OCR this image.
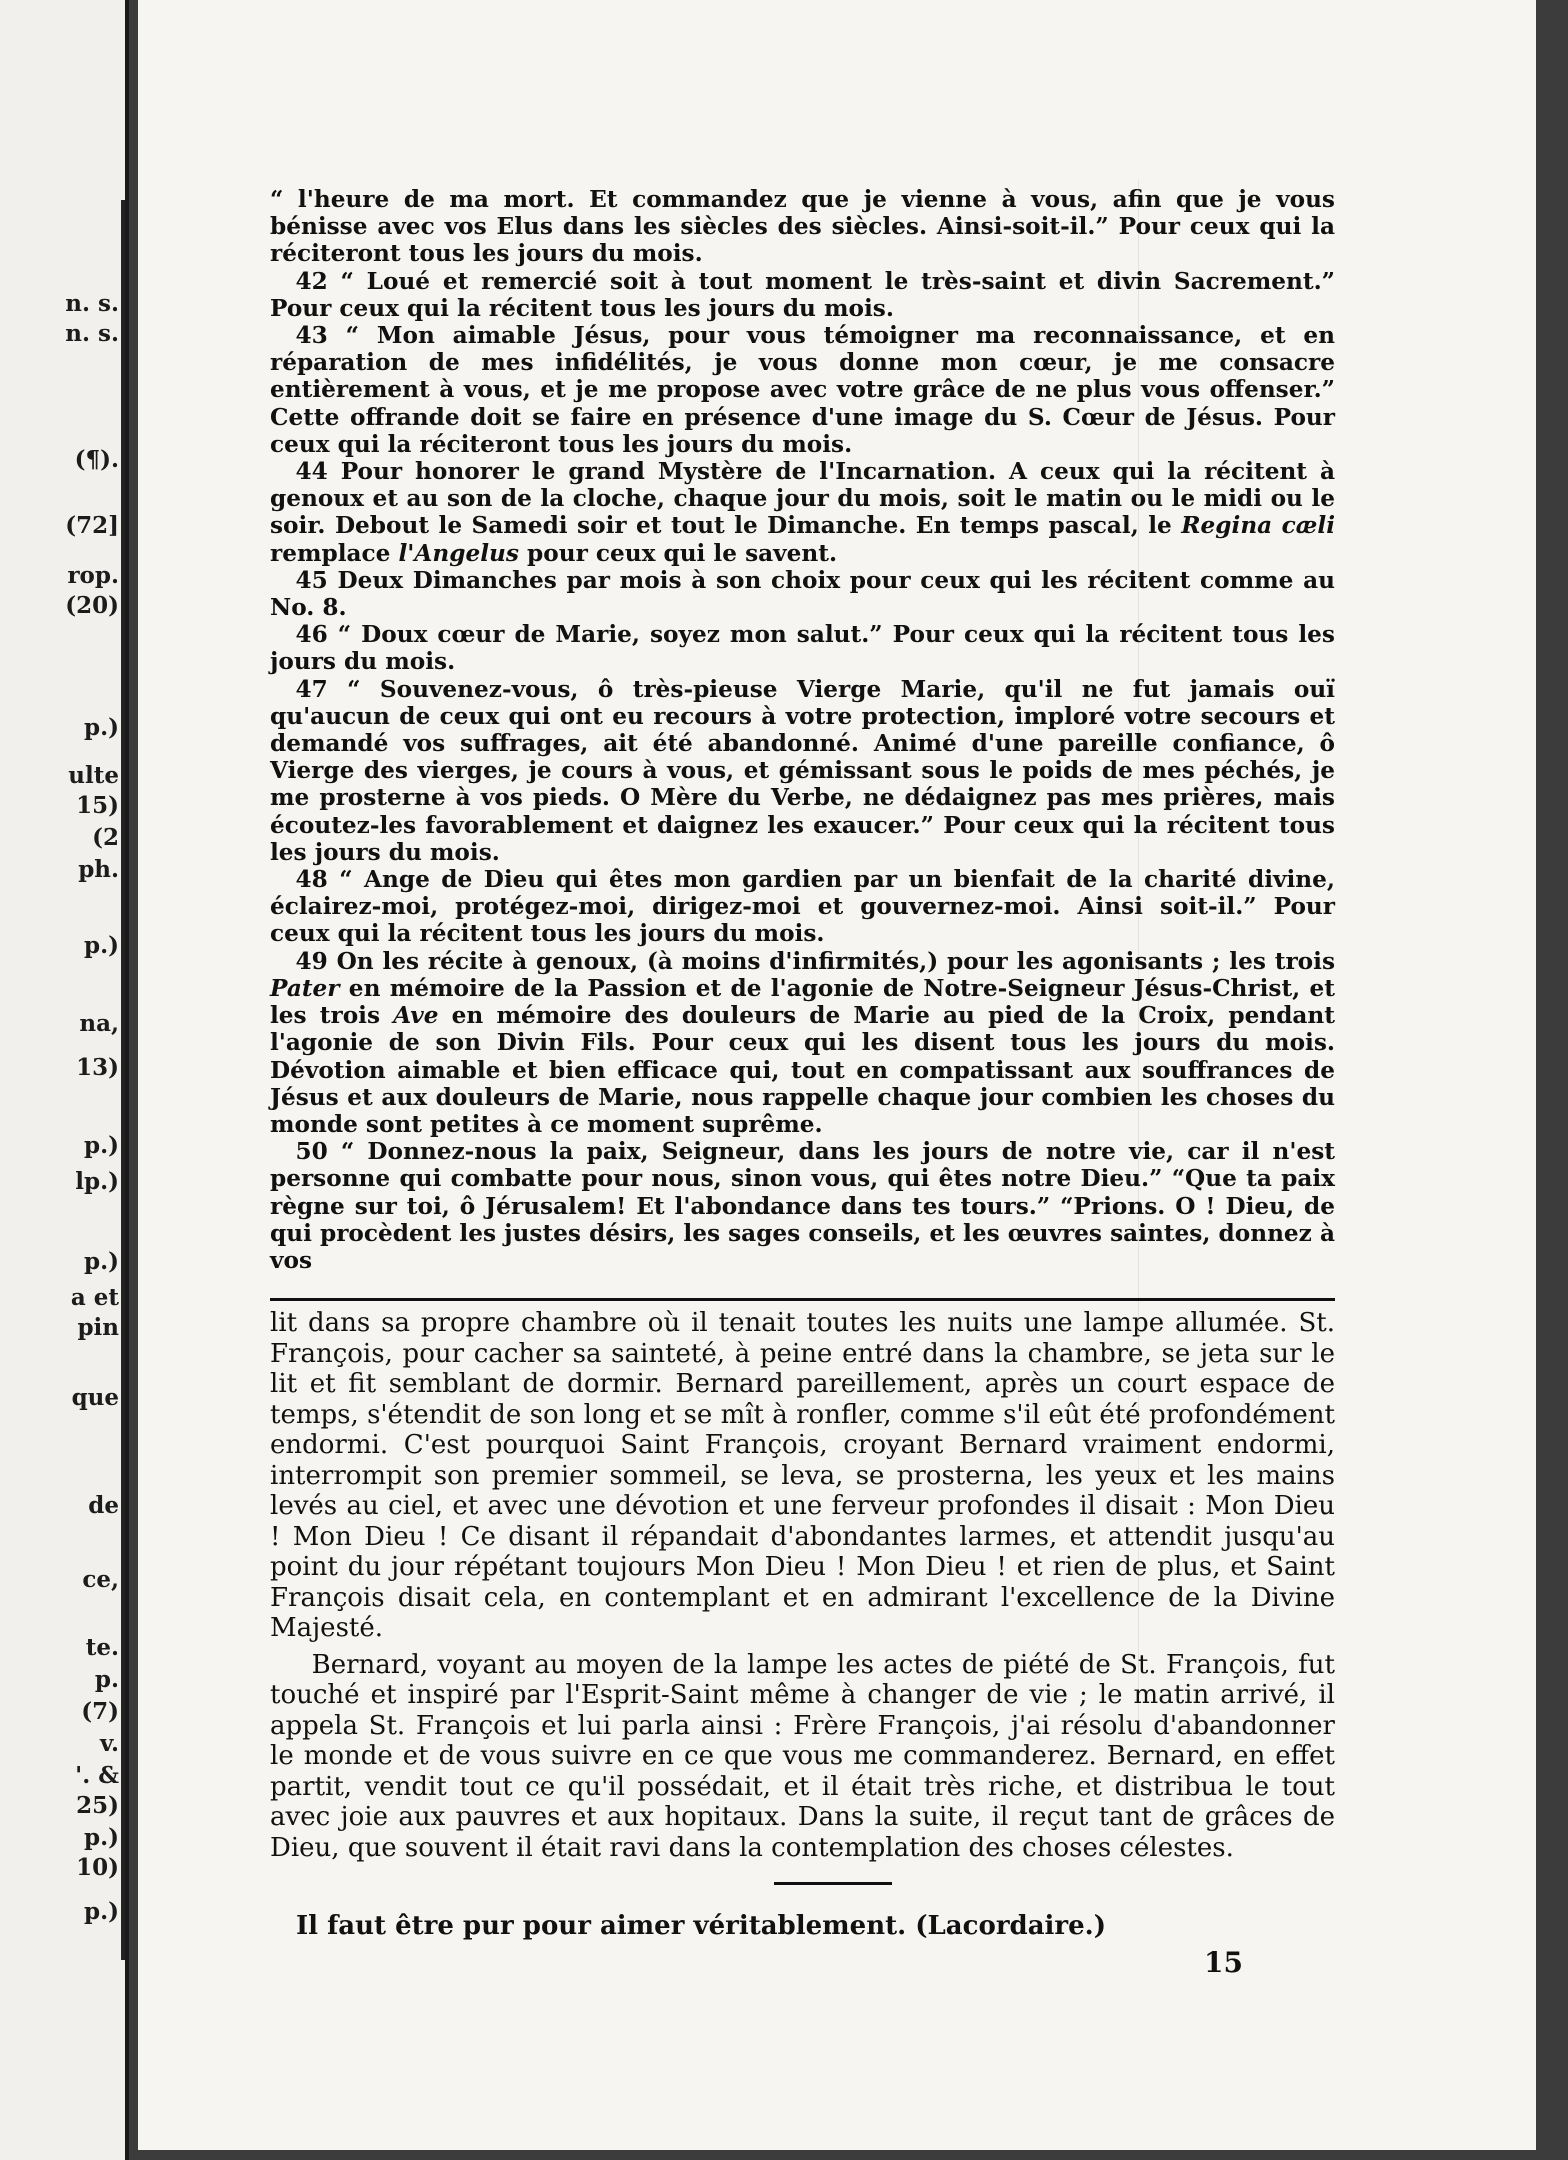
n. s.
n. s.
(¶).
(72]
rop.
(20)
p.)
ulte
15)
(2
ph.
p.)
na,
13)
p.)
lp.)
p.)
a et
pin
que
de
ce,
te.
p.
(7)
v.
'. &
25)
p.)
10)
p.)

“ l'heure de ma mort. Et commandez que je vienne à vous, afin que je vous bénisse avec vos Elus dans les siècles des siècles. Ainsi-soit-il.” Pour ceux qui la réciteront tous les jours du mois.

42 “ Loué et remercié soit à tout moment le très-saint et divin Sacrement.” Pour ceux qui la récitent tous les jours du mois.

43 “ Mon aimable Jésus, pour vous témoigner ma reconnaissance, et en réparation de mes infidélités, je vous donne mon cœur, je me consacre entièrement à vous, et je me propose avec votre grâce de ne plus vous offenser.” Cette offrande doit se faire en présence d'une image du S. Cœur de Jésus. Pour ceux qui la réciteront tous les jours du mois.

44 Pour honorer le grand Mystère de l'Incarnation. A ceux qui la récitent à genoux et au son de la cloche, chaque jour du mois, soit le matin ou le midi ou le soir. Debout le Samedi soir et tout le Dimanche. En temps pascal, le Regina cæli remplace l'Angelus pour ceux qui le savent.

45 Deux Dimanches par mois à son choix pour ceux qui les récitent comme au No. 8.

46 “ Doux cœur de Marie, soyez mon salut.” Pour ceux qui la récitent tous les jours du mois.

47 “ Souvenez-vous, ô très-pieuse Vierge Marie, qu'il ne fut jamais ouï qu'aucun de ceux qui ont eu recours à votre protection, imploré votre secours et demandé vos suffrages, ait été abandonné. Animé d'une pareille confiance, ô Vierge des vierges, je cours à vous, et gémissant sous le poids de mes péchés, je me prosterne à vos pieds. O Mère du Verbe, ne dédaignez pas mes prières, mais écoutez-les favorablement et daignez les exaucer.” Pour ceux qui la récitent tous les jours du mois.

48 “ Ange de Dieu qui êtes mon gardien par un bienfait de la charité divine, éclairez-moi, protégez-moi, dirigez-moi et gouvernez-moi. Ainsi soit-il.” Pour ceux qui la récitent tous les jours du mois.

49 On les récite à genoux, (à moins d'infirmités,) pour les agonisants ; les trois Pater en mémoire de la Passion et de l'agonie de Notre-Seigneur Jésus-Christ, et les trois Ave en mémoire des douleurs de Marie au pied de la Croix, pendant l'agonie de son Divin Fils. Pour ceux qui les disent tous les jours du mois. Dévotion aimable et bien efficace qui, tout en compatissant aux souffrances de Jésus et aux douleurs de Marie, nous rappelle chaque jour combien les choses du monde sont petites à ce moment suprême.

50 “ Donnez-nous la paix, Seigneur, dans les jours de notre vie, car il n'est personne qui combatte pour nous, sinon vous, qui êtes notre Dieu.” “Que ta paix règne sur toi, ô Jérusalem! Et l'abondance dans tes tours.” “Prions. O ! Dieu, de qui procèdent les justes désirs, les sages conseils, et les œuvres saintes, donnez à vos

lit dans sa propre chambre où il tenait toutes les nuits une lampe allumée. St. François, pour cacher sa sainteté, à peine entré dans la chambre, se jeta sur le lit et fit semblant de dormir. Bernard pareillement, après un court espace de temps, s'étendit de son long et se mît à ronfler, comme s'il eût été profondément endormi. C'est pourquoi Saint François, croyant Bernard vraiment endormi, interrompit son premier sommeil, se leva, se prosterna, les yeux et les mains levés au ciel, et avec une dévotion et une ferveur profondes il disait : Mon Dieu ! Mon Dieu ! Ce disant il répandait d'abondantes larmes, et attendit jusqu'au point du jour répétant toujours Mon Dieu ! Mon Dieu ! et rien de plus, et Saint François disait cela, en contemplant et en admirant l'excellence de la Divine Majesté.

Bernard, voyant au moyen de la lampe les actes de piété de St. François, fut touché et inspiré par l'Esprit-Saint même à changer de vie ; le matin arrivé, il appela St. François et lui parla ainsi : Frère François, j'ai résolu d'abandonner le monde et de vous suivre en ce que vous me commanderez. Bernard, en effet partit, vendit tout ce qu'il possédait, et il était très riche, et distribua le tout avec joie aux pauvres et aux hopitaux. Dans la suite, il reçut tant de grâces de Dieu, que souvent il était ravi dans la contemplation des choses célestes.

Il faut être pur pour aimer véritablement. (Lacordaire.)
15
